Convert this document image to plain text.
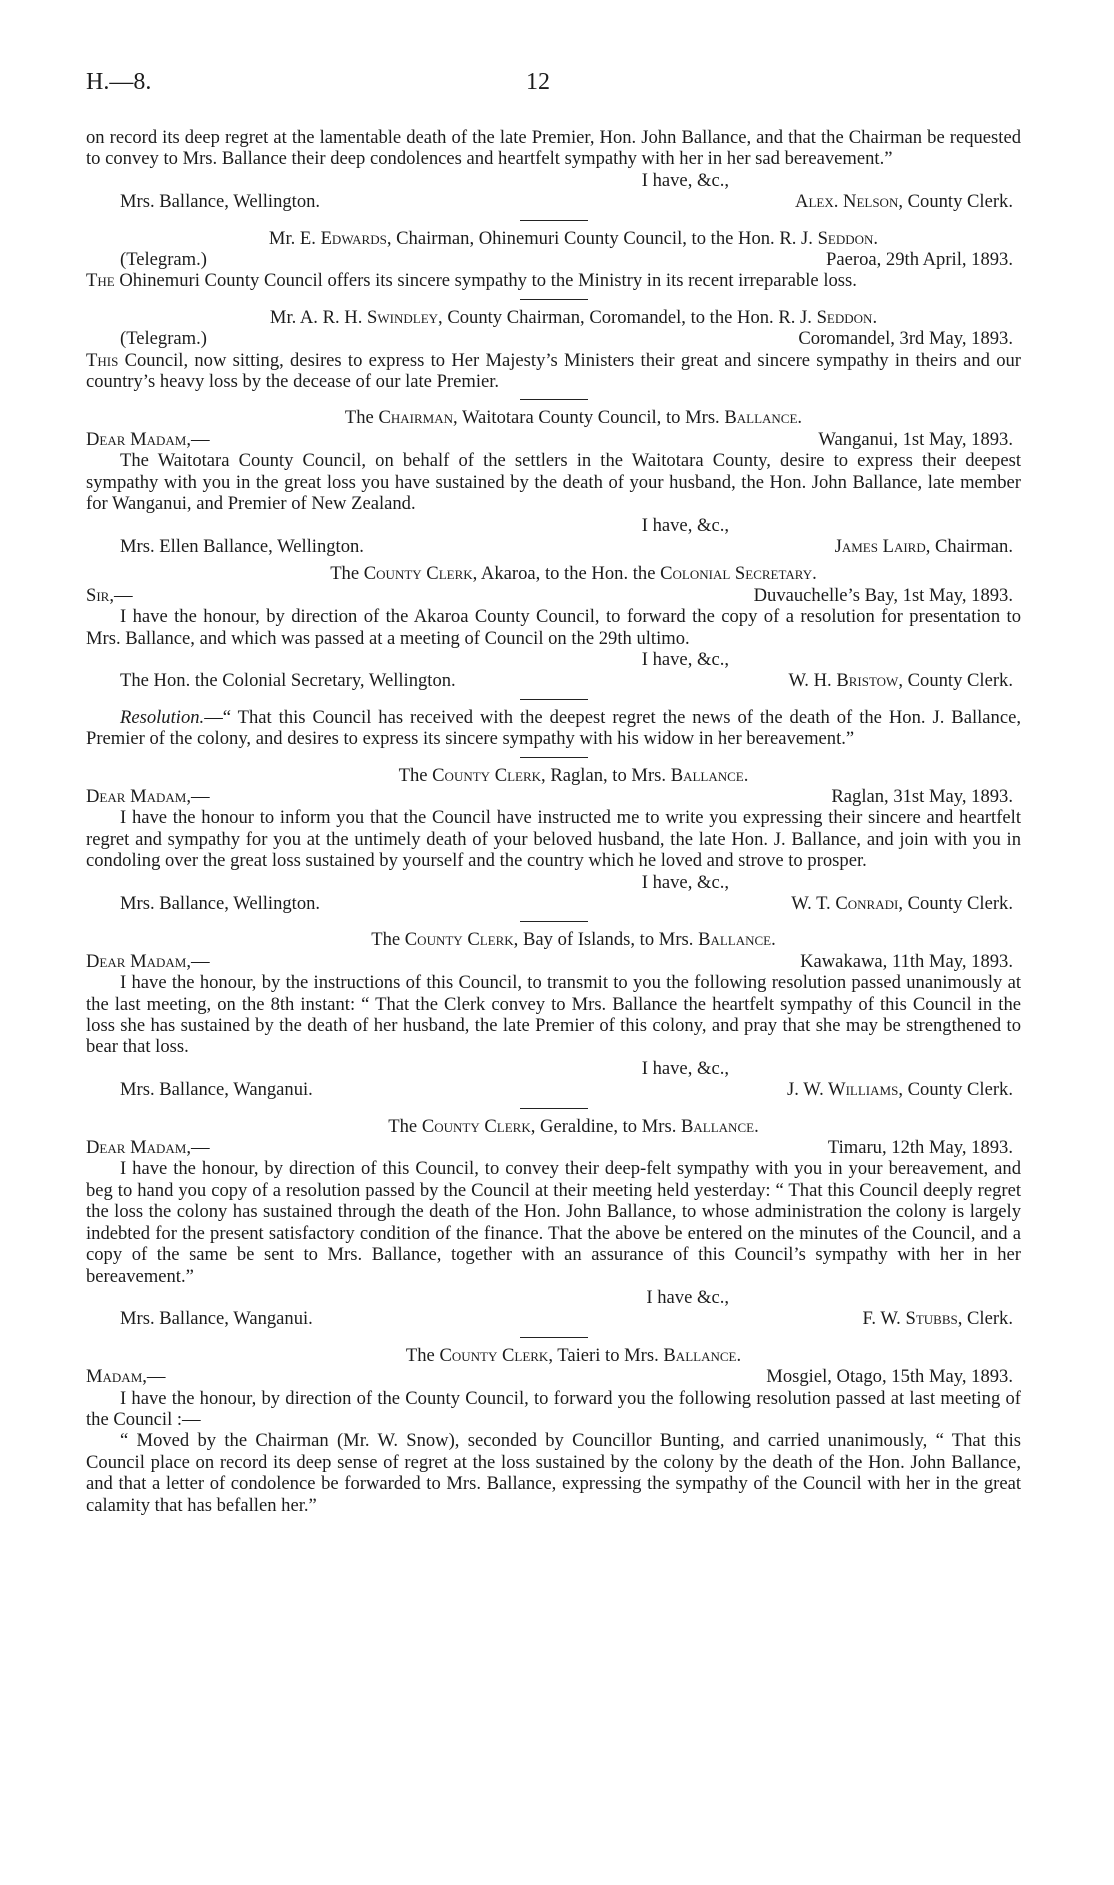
H.—8.	12

on record its deep regret at the lamentable death of the late Premier, Hon. John Ballance, and that the Chairman be requested to convey to Mrs. Ballance their deep condolences and heartfelt sympathy with her in her sad bereavement.”

I have, &c.,
Mrs. Ballance, Wellington.	Alex. Nelson, County Clerk.
Mr. E. Edwards, Chairman, Ohinemuri County Council, to the Hon. R. J. Seddon.
(Telegram.)	Paeroa, 29th April, 1893.

The Ohinemuri County Council offers its sincere sympathy to the Ministry in its recent irreparable loss.

Mr. A. R. H. Swindley, County Chairman, Coromandel, to the Hon. R. J. Seddon.
(Telegram.)	Coromandel, 3rd May, 1893.

This Council, now sitting, desires to express to Her Majesty’s Ministers their great and sincere sympathy in theirs and our country’s heavy loss by the decease of our late Premier.

The Chairman, Waitotara County Council, to Mrs. Ballance.
Dear Madam,—	Wanganui, 1st May, 1893.

The Waitotara County Council, on behalf of the settlers in the Waitotara County, desire to express their deepest sympathy with you in the great loss you have sustained by the death of your husband, the Hon. John Ballance, late member for Wanganui, and Premier of New Zealand.

I have, &c.,
Mrs. Ellen Ballance, Wellington.	James Laird, Chairman.
The County Clerk, Akaroa, to the Hon. the Colonial Secretary.
Sir,—	Duvauchelle’s Bay, 1st May, 1893.

I have the honour, by direction of the Akaroa County Council, to forward the copy of a resolution for presentation to Mrs. Ballance, and which was passed at a meeting of Council on the 29th ultimo.

I have, &c.,
The Hon. the Colonial Secretary, Wellington.	W. H. Bristow, County Clerk.

Resolution.—“ That this Council has received with the deepest regret the news of the death of the Hon. J. Ballance, Premier of the colony, and desires to express its sincere sympathy with his widow in her bereavement.”

The County Clerk, Raglan, to Mrs. Ballance.
Dear Madam,—	Raglan, 31st May, 1893.

I have the honour to inform you that the Council have instructed me to write you expressing their sincere and heartfelt regret and sympathy for you at the untimely death of your beloved husband, the late Hon. J. Ballance, and join with you in condoling over the great loss sustained by yourself and the country which he loved and strove to prosper.

I have, &c.,
Mrs. Ballance, Wellington.	W. T. Conradi, County Clerk.
The County Clerk, Bay of Islands, to Mrs. Ballance.
Dear Madam,—	Kawakawa, 11th May, 1893.

I have the honour, by the instructions of this Council, to transmit to you the following resolution passed unanimously at the last meeting, on the 8th instant: “ That the Clerk convey to Mrs. Ballance the heartfelt sympathy of this Council in the loss she has sustained by the death of her husband, the late Premier of this colony, and pray that she may be strengthened to bear that loss.

I have, &c.,
Mrs. Ballance, Wanganui.	J. W. Williams, County Clerk.
The County Clerk, Geraldine, to Mrs. Ballance.
Dear Madam,—	Timaru, 12th May, 1893.

I have the honour, by direction of this Council, to convey their deep-felt sympathy with you in your bereavement, and beg to hand you copy of a resolution passed by the Council at their meeting held yesterday: “ That this Council deeply regret the loss the colony has sustained through the death of the Hon. John Ballance, to whose administration the colony is largely indebted for the present satisfactory condition of the finance. That the above be entered on the minutes of the Council, and a copy of the same be sent to Mrs. Ballance, together with an assurance of this Council’s sympathy with her in her bereavement.”

I have &c.,
Mrs. Ballance, Wanganui.	F. W. Stubbs, Clerk.
The County Clerk, Taieri to Mrs. Ballance.
Madam,—	Mosgiel, Otago, 15th May, 1893.

I have the honour, by direction of the County Council, to forward you the following resolution passed at last meeting of the Council :—

“ Moved by the Chairman (Mr. W. Snow), seconded by Councillor Bunting, and carried unanimously, “ That this Council place on record its deep sense of regret at the loss sustained by the colony by the death of the Hon. John Ballance, and that a letter of condolence be forwarded to Mrs. Ballance, expressing the sympathy of the Council with her in the great calamity that has befallen her.”
